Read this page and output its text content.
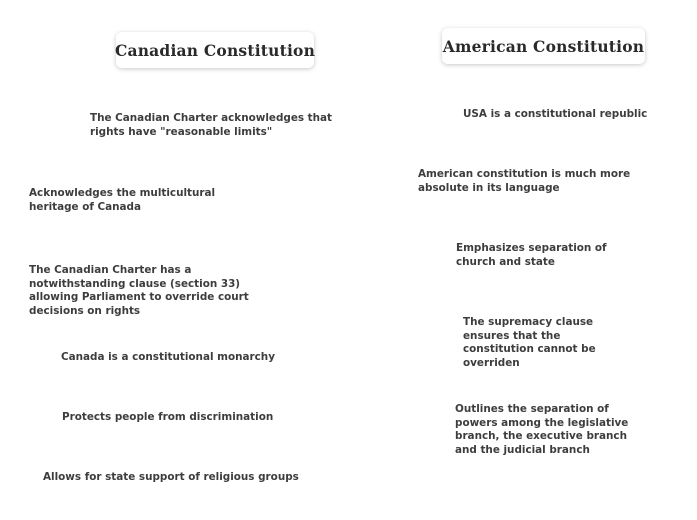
Canadian Constitution	American Constitution
The Canadian Charter acknowledges that rights have "reasonable limits"
Acknowledges the multicultural heritage of Canada
The Canadian Charter has a notwithstanding clause (section 33) allowing Parliament to override court decisions on rights
Canada is a constitutional monarchy
Protects people from discrimination
Allows for state support of religious groups
USA is a constitutional republic
American constitution is much more absolute in its language
Emphasizes separation of church and state
The supremacy clause ensures that the constitution cannot be overriden
Outlines the separation of powers among the legislative branch, the executive branch and the judicial branch
